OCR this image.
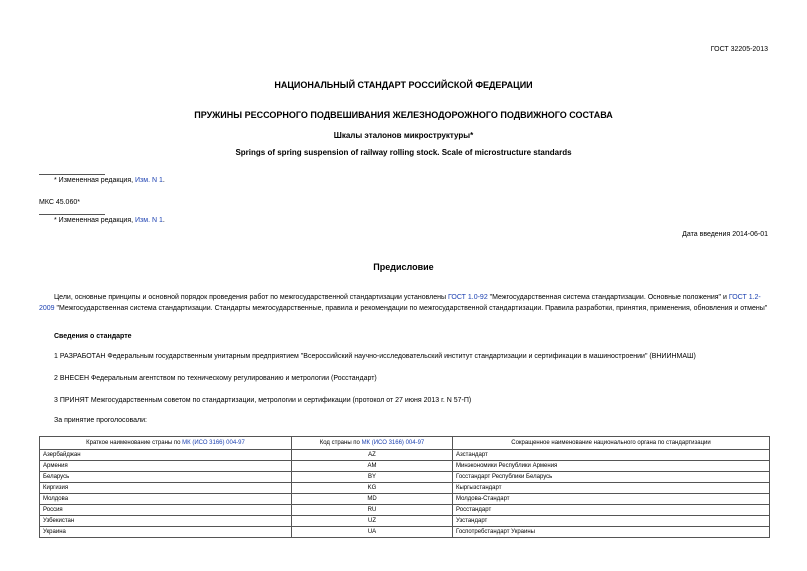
ГОСТ 32205-2013
НАЦИОНАЛЬНЫЙ СТАНДАРТ РОССИЙСКОЙ ФЕДЕРАЦИИ
ПРУЖИНЫ РЕССОРНОГО ПОДВЕШИВАНИЯ ЖЕЛЕЗНОДОРОЖНОГО ПОДВИЖНОГО СОСТАВА
Шкалы эталонов микроструктуры*
Springs of spring suspension of railway rolling stock. Scale of microstructure standards
* Измененная редакция, Изм. N 1.
МКС 45.060*
* Измененная редакция, Изм. N 1.
Дата введения 2014-06-01
Предисловие
Цели, основные принципы и основной порядок проведения работ по межгосударственной стандартизации установлены ГОСТ 1.0-92 "Межгосударственная система стандартизации. Основные положения" и ГОСТ 1.2-2009 "Межгосударственная система стандартизации. Стандарты межгосударственные, правила и рекомендации по межгосударственной стандартизации. Правила разработки, принятия, применения, обновления и отмены"
Сведения о стандарте
1 РАЗРАБОТАН Федеральным государственным унитарным предприятием "Всероссийский научно-исследовательский институт стандартизации и сертификации в машиностроении" (ВНИИНМАШ)
2 ВНЕСЕН Федеральным агентством по техническому регулированию и метрологии (Росстандарт)
3 ПРИНЯТ Межгосударственным советом по стандартизации, метрологии и сертификации (протокол от 27 июня 2013 г. N 57-П)
За принятие проголосовали:
Краткое наименование страны по МК (ИСО 3166) 004-97	Код страны по МК (ИСО 3166) 004-97	Сокращенное наименование национального органа по стандартизации
Азербайджан	AZ	Азстандарт
Армения	AM	Минэкономики Республики Армения
Беларусь	BY	Госстандарт Республики Беларусь
Киргизия	KG	Кыргызстандарт
Молдова	MD	Молдова-Стандарт
Россия	RU	Росстандарт
Узбекистан	UZ	Узстандарт
Украина	UA	Госпотребстандарт Украины
